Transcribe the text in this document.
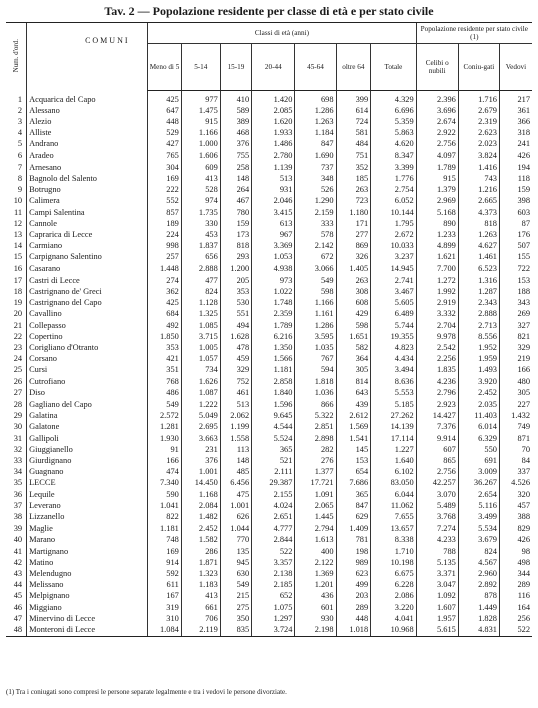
Tav. 2 — Popolazione residente per classe di età e per stato civile
Num. d'ord.	COMUNI	Classi di età (anni)							Popolazione residente per stato civile (1)		
		Meno di 5	5-14	15-19	20-44	45-64	oltre 64	Totale	Celibi o nubili	Coniu-gati	Vedovi
1	Acquarica del Capo	425	977	410	1.420	698	399	4.329	2.396	1.716	217
2	Alessano	647	1.475	589	2.085	1.286	614	6.696	3.696	2.679	361
3	Alezio	448	915	389	1.620	1.263	724	5.359	2.674	2.319	366
4	Alliste	529	1.166	468	1.933	1.184	581	5.863	2.922	2.623	318
5	Andrano	427	1.000	376	1.486	847	484	4.620	2.756	2.023	241
6	Aradeo	765	1.606	755	2.780	1.690	751	8.347	4.097	3.824	426
7	Arnesano	304	609	258	1.139	737	352	3.399	1.789	1.416	194
8	Bagnolo del Salento	169	413	148	513	348	185	1.776	915	743	118
9	Botrugno	222	528	264	931	526	263	2.754	1.379	1.216	159
10	Calimera	552	974	467	2.046	1.290	723	6.052	2.969	2.665	398
11	Campi Salentina	857	1.735	780	3.415	2.159	1.180	10.144	5.168	4.373	603
12	Cannole	189	330	159	613	333	171	1.795	890	818	87
13	Caprarica di Lecce	224	453	173	967	578	277	2.672	1.233	1.263	176
14	Carmiano	998	1.837	818	3.369	2.142	869	10.033	4.899	4.627	507
15	Carpignano Salentino	257	656	293	1.053	672	326	3.237	1.621	1.461	155
16	Casarano	1.448	2.888	1.200	4.938	3.066	1.405	14.945	7.700	6.523	722
17	Castri di Lecce	274	477	205	973	549	263	2.741	1.272	1.316	153
18	Castrignano de' Greci	362	824	353	1.022	598	308	3.467	1.992	1.287	188
19	Castrignano del Capo	425	1.128	530	1.748	1.166	608	5.605	2.919	2.343	343
20	Cavallino	684	1.325	551	2.359	1.161	429	6.489	3.332	2.888	269
21	Collepasso	492	1.085	494	1.789	1.286	598	5.744	2.704	2.713	327
22	Copertino	1.850	3.715	1.628	6.216	3.595	1.651	19.355	9.978	8.556	821
23	Corigliano d'Otranto	353	1.005	478	1.350	1.035	582	4.823	2.542	1.952	329
24	Corsano	421	1.057	459	1.566	767	364	4.434	2.256	1.959	219
25	Cursi	351	734	329	1.181	594	305	3.494	1.835	1.493	166
26	Cutrofiano	768	1.626	752	2.858	1.818	814	8.636	4.236	3.920	480
27	Diso	486	1.087	461	1.840	1.036	643	5.553	2.796	2.452	305
28	Gagliano del Capo	549	1.222	513	1.596	866	439	5.185	2.923	2.035	227
29	Galatina	2.572	5.049	2.062	9.645	5.322	2.612	27.262	14.427	11.403	1.432
30	Galatone	1.281	2.695	1.199	4.544	2.851	1.569	14.139	7.376	6.014	749
31	Gallipoli	1.930	3.663	1.558	5.524	2.898	1.541	17.114	9.914	6.329	871
32	Giuggianello	91	231	113	365	282	145	1.227	607	550	70
33	Giurdignano	166	376	148	521	276	153	1.640	865	691	84
34	Guagnano	474	1.001	485	2.111	1.377	654	6.102	2.756	3.009	337
35	LECCE	7.340	14.450	6.456	29.387	17.721	7.686	83.050	42.257	36.267	4.526
36	Lequile	590	1.168	475	2.155	1.091	365	6.044	3.070	2.654	320
37	Leverano	1.041	2.084	1.001	4.024	2.065	847	11.062	5.489	5.116	457
38	Lizzanello	822	1.482	626	2.651	1.445	629	7.655	3.768	3.499	388
39	Maglie	1.181	2.452	1.044	4.777	2.794	1.409	13.657	7.274	5.534	829
40	Marano	748	1.582	770	2.844	1.613	781	8.338	4.233	3.679	426
41	Martignano	169	286	135	522	400	198	1.710	788	824	98
42	Matino	914	1.871	945	3.357	2.122	989	10.198	5.135	4.567	498
43	Melendugno	592	1.323	630	2.138	1.369	623	6.675	3.371	2.960	344
44	Melissano	611	1.183	549	2.185	1.201	499	6.228	3.047	2.892	289
45	Melpignano	167	413	215	652	436	203	2.086	1.092	878	116
46	Miggiano	319	661	275	1.075	601	289	3.220	1.607	1.449	164
47	Minervino di Lecce	310	706	350	1.297	930	448	4.041	1.957	1.828	256
48	Monteroni di Lecce	1.084	2.119	835	3.724	2.198	1.018	10.968	5.615	4.831	522
(1) Tra i coniugati sono compresi le persone separate legalmente e tra i vedovi le persone divorziate.
